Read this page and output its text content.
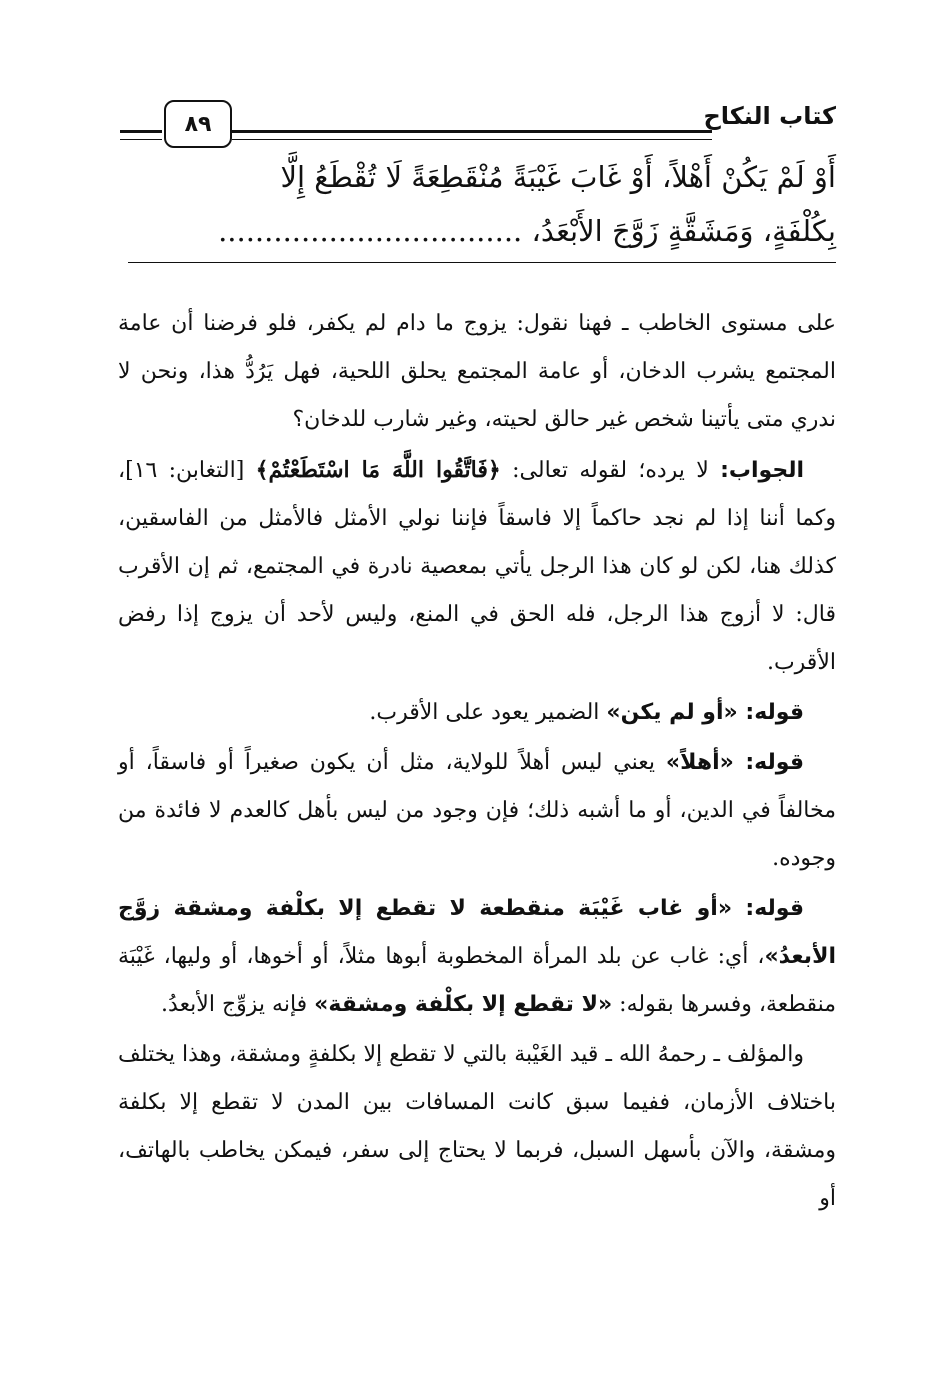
كتاب النكاح
٨٩

أَوْ لَمْ يَكُنْ أَهْلاً، أَوْ غَابَ غَيْبَةً مُنْقَطِعَةً لَا تُقْطَعُ إِلَّا

بِكُلْفَةٍ، وَمَشَقَّةٍ زَوَّجَ الأَبْعَدُ، .................................

على مستوى الخاطب ـ فهنا نقول: يزوج ما دام لم يكفر، فلو فرضنا أن عامة المجتمع يشرب الدخان، أو عامة المجتمع يحلق اللحية، فهل يَرُدُّ هذا، ونحن لا ندري متى يأتينا شخص غير حالق لحيته، وغير شارب للدخان؟

الجواب: لا يرده؛ لقوله تعالى: ﴿فَاتَّقُوا اللَّهَ مَا اسْتَطَعْتُمْ﴾ [التغابن: ١٦]، وكما أننا إذا لم نجد حاكماً إلا فاسقاً فإننا نولي الأمثل فالأمثل من الفاسقين، كذلك هنا، لكن لو كان هذا الرجل يأتي بمعصية نادرة في المجتمع، ثم إن الأقرب قال: لا أزوج هذا الرجل، فله الحق في المنع، وليس لأحد أن يزوج إذا رفض الأقرب.

قوله: «أو لم يكن» الضمير يعود على الأقرب.

قوله: «أهلاً» يعني ليس أهلاً للولاية، مثل أن يكون صغيراً أو فاسقاً، أو مخالفاً في الدين، أو ما أشبه ذلك؛ فإن وجود من ليس بأهل كالعدم لا فائدة من وجوده.

قوله: «أو غاب غَيْبَة منقطعة لا تقطع إلا بكلْفة ومشقة زوَّج الأبعدُ»، أي: غاب عن بلد المرأة المخطوبة أبوها مثلاً، أو أخوها، أو وليها، غَيْبَة منقطعة، وفسرها بقوله: «لا تقطع إلا بكلْفة ومشقة» فإنه يزوِّج الأبعدُ.

والمؤلف ـ رحمهُ الله ـ قيد الغَيْبة بالتي لا تقطع إلا بكلفةٍ ومشقة، وهذا يختلف باختلاف الأزمان، ففيما سبق كانت المسافات بين المدن لا تقطع إلا بكلفة ومشقة، والآن بأسهل السبل، فربما لا يحتاج إلى سفر، فيمكن يخاطب بالهاتف، أو
